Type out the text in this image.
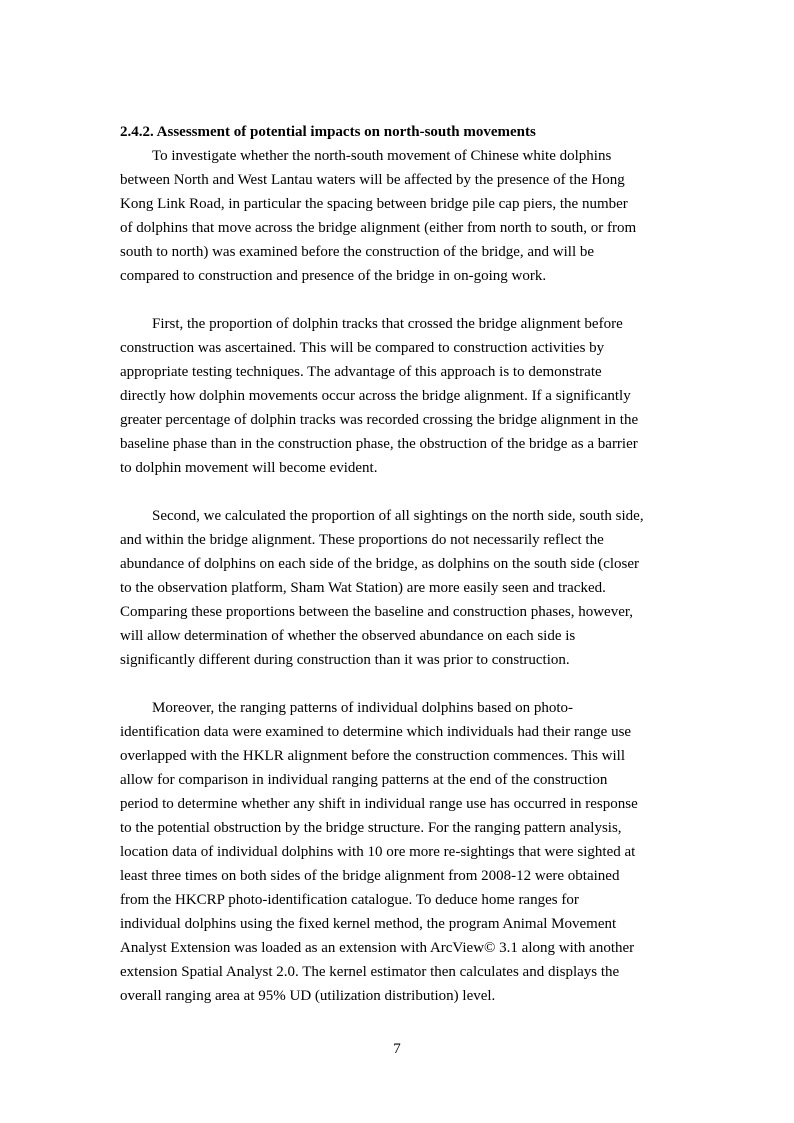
2.4.2. Assessment of potential impacts on north-south movements

To investigate whether the north-south movement of Chinese white dolphins
between North and West Lantau waters will be affected by the presence of the Hong
Kong Link Road, in particular the spacing between bridge pile cap piers, the number
of dolphins that move across the bridge alignment (either from north to south, or from
south to north) was examined before the construction of the bridge, and will be
compared to construction and presence of the bridge in on-going work.

First, the proportion of dolphin tracks that crossed the bridge alignment before
construction was ascertained. This will be compared to construction activities by
appropriate testing techniques. The advantage of this approach is to demonstrate
directly how dolphin movements occur across the bridge alignment. If a significantly
greater percentage of dolphin tracks was recorded crossing the bridge alignment in the
baseline phase than in the construction phase, the obstruction of the bridge as a barrier
to dolphin movement will become evident.

Second, we calculated the proportion of all sightings on the north side, south side,
and within the bridge alignment. These proportions do not necessarily reflect the
abundance of dolphins on each side of the bridge, as dolphins on the south side (closer
to the observation platform, Sham Wat Station) are more easily seen and tracked.
Comparing these proportions between the baseline and construction phases, however,
will allow determination of whether the observed abundance on each side is
significantly different during construction than it was prior to construction.

Moreover, the ranging patterns of individual dolphins based on photo-
identification data were examined to determine which individuals had their range use
overlapped with the HKLR alignment before the construction commences. This will
allow for comparison in individual ranging patterns at the end of the construction
period to determine whether any shift in individual range use has occurred in response
to the potential obstruction by the bridge structure. For the ranging pattern analysis,
location data of individual dolphins with 10 ore more re-sightings that were sighted at
least three times on both sides of the bridge alignment from 2008-12 were obtained
from the HKCRP photo-identification catalogue. To deduce home ranges for
individual dolphins using the fixed kernel method, the program Animal Movement
Analyst Extension was loaded as an extension with ArcView© 3.1 along with another
extension Spatial Analyst 2.0. The kernel estimator then calculates and displays the
overall ranging area at 95% UD (utilization distribution) level.

7
